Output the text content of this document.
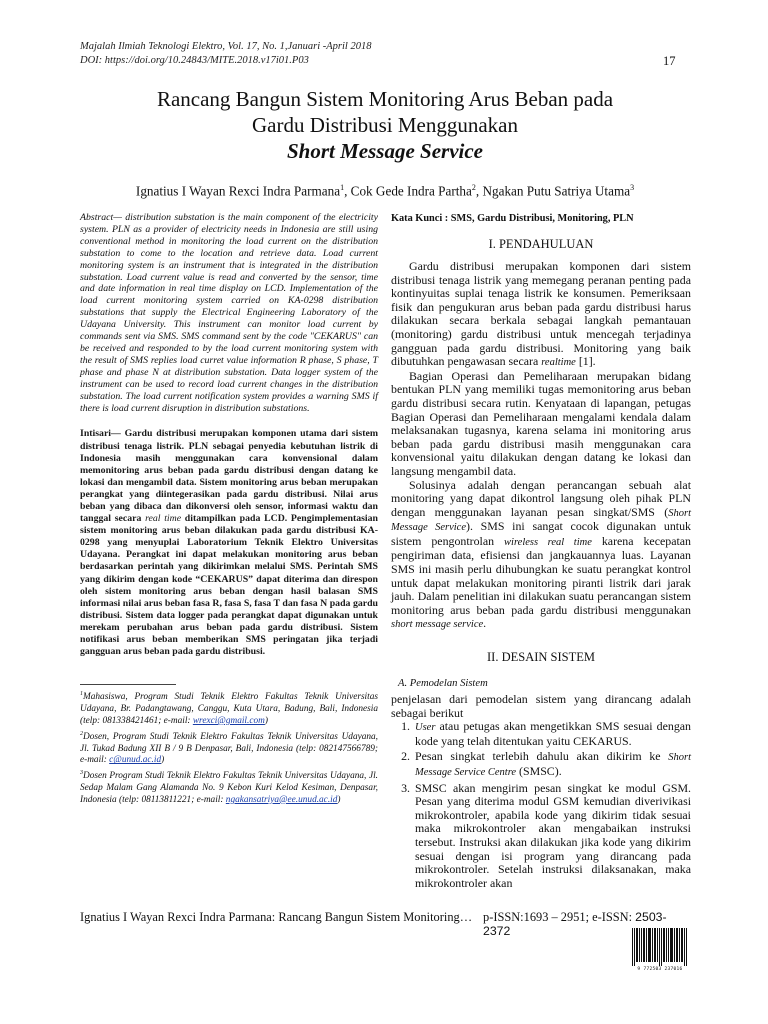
Majalah Ilmiah Teknologi Elektro, Vol. 17, No. 1,Januari -April 2018
DOI: https://doi.org/10.24843/MITE.2018.v17i01.P03	17
Rancang Bangun Sistem Monitoring Arus Beban pada
Gardu Distribusi Menggunakan
Short Message Service
Ignatius I Wayan Rexci Indra Parmana$^1$, Cok Gede Indra Partha$^2$, Ngakan Putu Satriya Utama$^3$

Abstract— distribution substation is the main component of the electricity system. PLN as a provider of electricity needs in Indonesia are still using conventional method in monitoring the load current on the distribution substation to come to the location and retrieve data. Load current monitoring system is an instrument that is integrated in the distribution substation. Load current value is read and converted by the sensor, time and date information in real time display on LCD. Implementation of the load current monitoring system carried on KA-0298 distribution substations that supply the Electrical Engineering Laboratory of the Udayana University. This instrument can monitor load current by commands sent via SMS. SMS command sent by the code "CEKARUS" can be received and responded to by the load current monitoring system with the result of SMS replies load curret value information R phase, S phase, T phase and phase N at distribution substation. Data logger system of the instrument can be used to record load current changes in the distribution substation. The load current notification system provides a warning SMS if there is load current disruption in distribution substations.

Intisari— Gardu distribusi merupakan komponen utama dari sistem distribusi tenaga listrik. PLN sebagai penyedia kebutuhan listrik di Indonesia masih menggunakan cara konvensional dalam memonitoring arus beban pada gardu distribusi dengan datang ke lokasi dan mengambil data. Sistem monitoring arus beban merupakan perangkat yang diintegerasikan pada gardu distribusi. Nilai arus beban yang dibaca dan dikonversi oleh sensor, informasi waktu dan tanggal secara real time ditampilkan pada LCD. Pengimplementasian sistem monitoring arus beban dilakukan pada gardu distribusi KA-0298 yang menyuplai Laboratorium Teknik Elektro Universitas Udayana. Perangkat ini dapat melakukan monitoring arus beban berdasarkan perintah yang dikirimkan melalui SMS. Perintah SMS yang dikirim dengan kode “CEKARUS” dapat diterima dan direspon oleh sistem monitoring arus beban dengan hasil balasan SMS informasi nilai arus beban fasa R, fasa S, fasa T dan fasa N pada gardu distribusi. Sistem data logger pada perangkat dapat digunakan untuk merekam perubahan arus beban pada gardu distribusi. Sistem notifikasi arus beban memberikan SMS peringatan jika terjadi gangguan arus beban pada gardu distribusi.

$^1$Mahasiswa, Program Studi Teknik Elektro Fakultas Teknik Universitas Udayana, Br. Padangtawang, Canggu, Kuta Utara, Badung, Bali, Indonesia (telp: 081338421461; e-mail: wrexci@gmail.com)

$^2$Dosen, Program Studi Teknik Elektro Fakultas Teknik Universitas Udayana, Jl. Tukad Badung XII B / 9 B Denpasar, Bali, Indonesia (telp: 082147566789; e-mail: c@unud.ac.id)

$^3$Dosen Program Studi Teknik Elektro Fakultas Teknik Universitas Udayana, Jl. Sedap Malam Gang Alamanda No. 9 Kebon Kuri Kelod Kesiman, Denpasar, Indonesia (telp: 08113811221; e-mail: ngakansatriya@ee.unud.ac.id)

Kata Kunci : SMS, Gardu Distribusi, Monitoring, PLN

I. PENDAHULUAN

Gardu distribusi merupakan komponen dari sistem distribusi tenaga listrik yang memegang peranan penting pada kontinyuitas suplai tenaga listrik ke konsumen. Pemeriksaan fisik dan pengukuran arus beban pada gardu distribusi harus dilakukan secara berkala sebagai langkah pemantauan (monitoring) gardu distribusi untuk mencegah terjadinya gangguan pada gardu distribusi. Monitoring yang baik dibutuhkan pengawasan secara realtime [1].

Bagian Operasi dan Pemeliharaan merupakan bidang bentukan PLN yang memiliki tugas memonitoring arus beban gardu distribusi secara rutin. Kenyataan di lapangan, petugas Bagian Operasi dan Pemeliharaan mengalami kendala dalam melaksanakan tugasnya, karena selama ini monitoring arus beban pada gardu distribusi masih menggunakan cara konvensional yaitu dilakukan dengan datang ke lokasi dan langsung mengambil data.

Solusinya adalah dengan perancangan sebuah alat monitoring yang dapat dikontrol langsung oleh pihak PLN dengan menggunakan layanan pesan singkat/SMS (Short Message Service). SMS ini sangat cocok digunakan untuk sistem pengontrolan wireless real time karena kecepatan pengiriman data, efisiensi dan jangkauannya luas. Layanan SMS ini masih perlu dihubungkan ke suatu perangkat kontrol untuk dapat melakukan monitoring piranti listrik dari jarak jauh. Dalam penelitian ini dilakukan suatu perancangan sistem monitoring arus beban pada gardu distribusi menggunakan short message service.

II. DESAIN SISTEM

A. Pemodelan Sistem

penjelasan dari pemodelan sistem yang dirancang adalah sebagai berikut

1. User atau petugas akan mengetikkan SMS sesuai dengan kode yang telah ditentukan yaitu CEKARUS.
2. Pesan singkat terlebih dahulu akan dikirim ke Short Message Service Centre (SMSC).
3. SMSC akan mengirim pesan singkat ke modul GSM. Pesan yang diterima modul GSM kemudian diverivikasi mikrokontroler, apabila kode yang dikirim tidak sesuai maka mikrokontroler akan mengabaikan instruksi tersebut. Instruksi akan dilakukan jika kode yang dikirim sesuai dengan isi program yang dirancang pada mikrokontroler. Setelah instruksi dilaksanakan, maka mikrokontroler akan
Ignatius I Wayan Rexci Indra Parmana: Rancang Bangun Sistem Monitoring… p-ISSN:1693 – 2951; e-ISSN: 2503-2372
9 772503 237016
